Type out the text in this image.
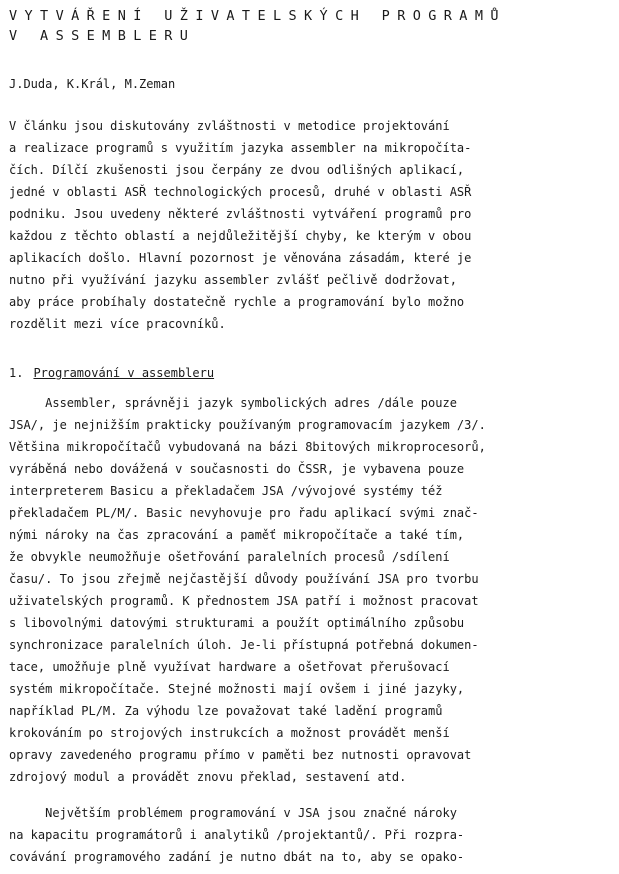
VYTVÁŘENÍ UŽIVATELSKÝCH PROGRAMŮ
V ASSEMBLERU

J.Duda, K.Král, M.Zeman

V článku jsou diskutovány zvláštnosti v metodice projektování

a realizace programů s využitím jazyka assembler na mikropočíta-

čích. Dílčí zkušenosti jsou čerpány ze dvou odlišných aplikací,

jedné v oblasti ASŘ technologických procesů, druhé v oblasti ASŘ

podniku. Jsou uvedeny některé zvláštnosti vytváření programů pro

každou z těchto oblastí a nejdůležitější chyby, ke kterým v obou

aplikacích došlo. Hlavní pozornost je věnována zásadám, které je

nutno při využívání jazyku assembler zvlášť pečlivě dodržovat,

aby práce probíhaly dostatečně rychle a programování bylo možno

rozdělit mezi více pracovníků.

1. Programování v assembleru

Assembler, správněji jazyk symbolických adres /dále pouze

JSA/, je nejnižším prakticky používaným programovacím jazykem /3/.

Většina mikropočítačů vybudovaná na bázi 8bitových mikroprocesorů,

vyráběná nebo dovážená v současnosti do ČSSR, je vybavena pouze

interpreterem Basicu a překladačem JSA /vývojové systémy též

překladačem PL/M/. Basic nevyhovuje pro řadu aplikací svými znač-

nými nároky na čas zpracování a paměť mikropočítače a také tím,

že obvykle neumožňuje ošetřování paralelních procesů /sdílení

času/. To jsou zřejmě nejčastější důvody používání JSA pro tvorbu

uživatelských programů. K přednostem JSA patří i možnost pracovat

s libovolnými datovými strukturami a použít optimálního způsobu

synchronizace paralelních úloh. Je-li přístupná potřebná dokumen-

tace, umožňuje plně využívat hardware a ošetřovat přerušovací

systém mikropočítače. Stejné možnosti mají ovšem i jiné jazyky,

například PL/M. Za výhodu lze považovat také ladění programů

krokováním po strojových instrukcích a možnost provádět menší

opravy zavedeného programu přímo v paměti bez nutnosti opravovat

zdrojový modul a provádět znovu překlad, sestavení atd.

Největším problémem programování v JSA jsou značné nároky

na kapacitu programátorů i analytiků /projektantů/. Při rozpra-

covávání programového zadání je nutno dbát na to, aby se opako-
